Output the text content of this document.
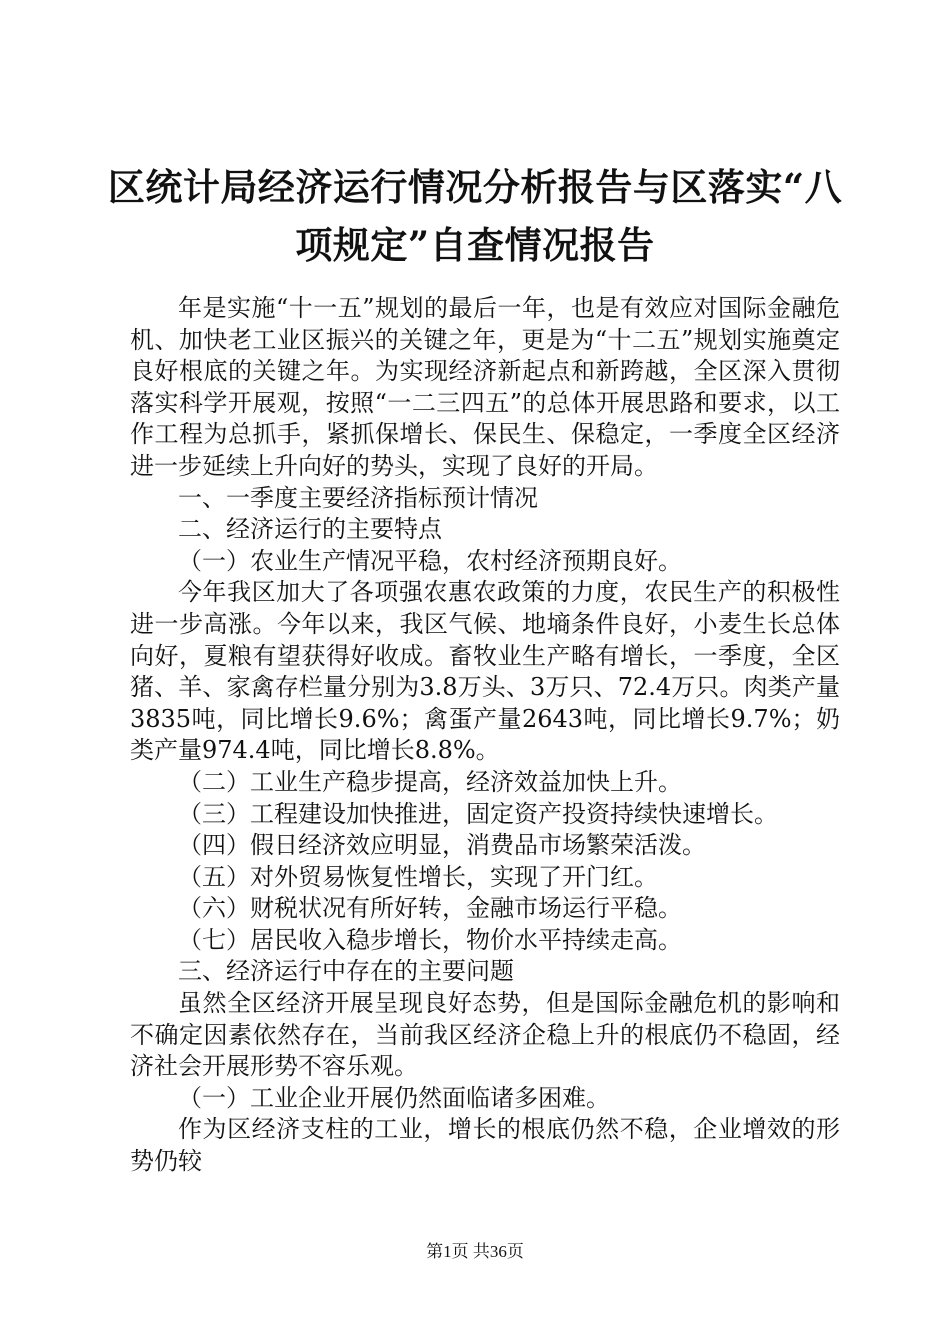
区统计局经济运行情况分析报告与区落实“八
项规定”自查情况报告

年是实施“十一五”规划的最后一年，也是有效应对国际金融危机、加快老工业区振兴的关键之年，更是为“十二五”规划实施奠定良好根底的关键之年。为实现经济新起点和新跨越，全区深入贯彻落实科学开展观，按照“一二三四五”的总体开展思路和要求，以工作工程为总抓手，紧抓保增长、保民生、保稳定，一季度全区经济进一步延续上升向好的势头，实现了良好的开局。

一、一季度主要经济指标预计情况

二、经济运行的主要特点

（一）农业生产情况平稳，农村经济预期良好。

今年我区加大了各项强农惠农政策的力度，农民生产的积极性进一步高涨。今年以来，我区气候、地墒条件良好，小麦生长总体向好，夏粮有望获得好收成。畜牧业生产略有增长，一季度，全区猪、羊、家禽存栏量分别为3.8万头、3万只、72.4万只。肉类产量3835吨，同比增长9.6%；禽蛋产量2643吨，同比增长9.7%；奶类产量974.4吨，同比增长8.8%。

（二）工业生产稳步提高，经济效益加快上升。

（三）工程建设加快推进，固定资产投资持续快速增长。

（四）假日经济效应明显，消费品市场繁荣活泼。

（五）对外贸易恢复性增长，实现了开门红。

（六）财税状况有所好转，金融市场运行平稳。

（七）居民收入稳步增长，物价水平持续走高。

三、经济运行中存在的主要问题

虽然全区经济开展呈现良好态势，但是国际金融危机的影响和不确定因素依然存在，当前我区经济企稳上升的根底仍不稳固，经济社会开展形势不容乐观。

（一）工业企业开展仍然面临诸多困难。

作为区经济支柱的工业，增长的根底仍然不稳，企业增效的形势仍较

第1页 共36页
